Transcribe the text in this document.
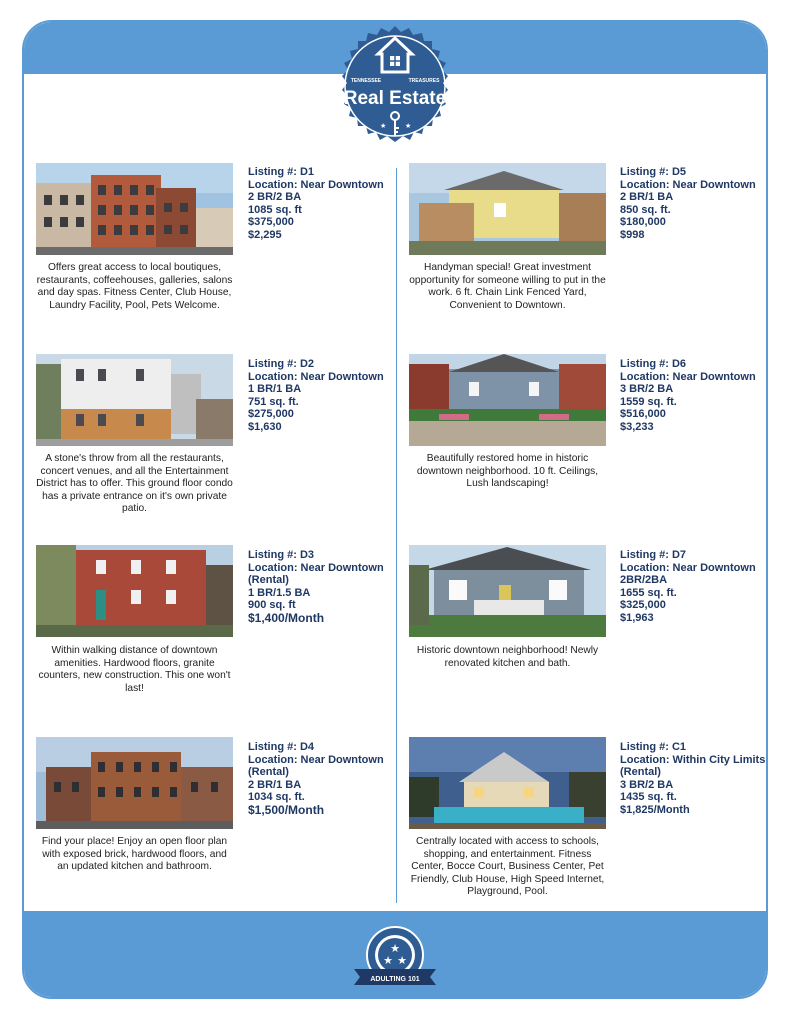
TENNESSEE	TREASURES
Real Estate
★	★
Listing #: D1
Location: Near Downtown
2 BR/2 BA
1085 sq. ft
$375,000
$2,295
Offers great access to local boutiques, restaurants, coffeehouses, galleries, salons and day spas. Fitness Center, Club House, Laundry Facility, Pool, Pets Welcome.
Listing #: D2
Location: Near Downtown
1 BR/1 BA
751 sq. ft.
$275,000
$1,630
A stone's throw from all the restaurants, concert venues, and all the Entertainment District has to offer. This ground floor condo has a private entrance on it's own private patio.
Listing #: D3
Location: Near Downtown
(Rental)
1 BR/1.5 BA
900 sq. ft
$1,400/Month
Within walking distance of downtown amenities. Hardwood floors, granite counters, new construction. This one won't last!
Listing #: D4
Location: Near Downtown
(Rental)
2 BR/1 BA
1034 sq. ft.
$1,500/Month
Find your place! Enjoy an open floor plan with exposed brick, hardwood floors, and an updated kitchen and bathroom.
Listing #: D5
Location: Near Downtown
2 BR/1 BA
850 sq. ft.
$180,000
$998
Handyman special! Great investment opportunity for someone willing to put in the work. 6 ft. Chain Link Fenced Yard, Convenient to Downtown.
Listing #: D6
Location: Near Downtown
3 BR/2 BA
1559 sq. ft.
$516,000
$3,233
Beautifully restored home in historic downtown neighborhood. 10 ft. Ceilings, Lush landscaping!
Listing #: D7
Location: Near Downtown
2BR/2BA
1655 sq. ft.
$325,000
$1,963
Historic downtown neighborhood! Newly renovated kitchen and bath.
Listing #: C1
Location: Within City Limits
(Rental)
3 BR/2 BA
1435 sq. ft.
$1,825/Month
Centrally located with access to schools, shopping, and entertainment. Fitness Center, Bocce Court, Business Center, Pet Friendly, Club House, High Speed Internet, Playground, Pool.
★
★ ★
ADULTING 101
